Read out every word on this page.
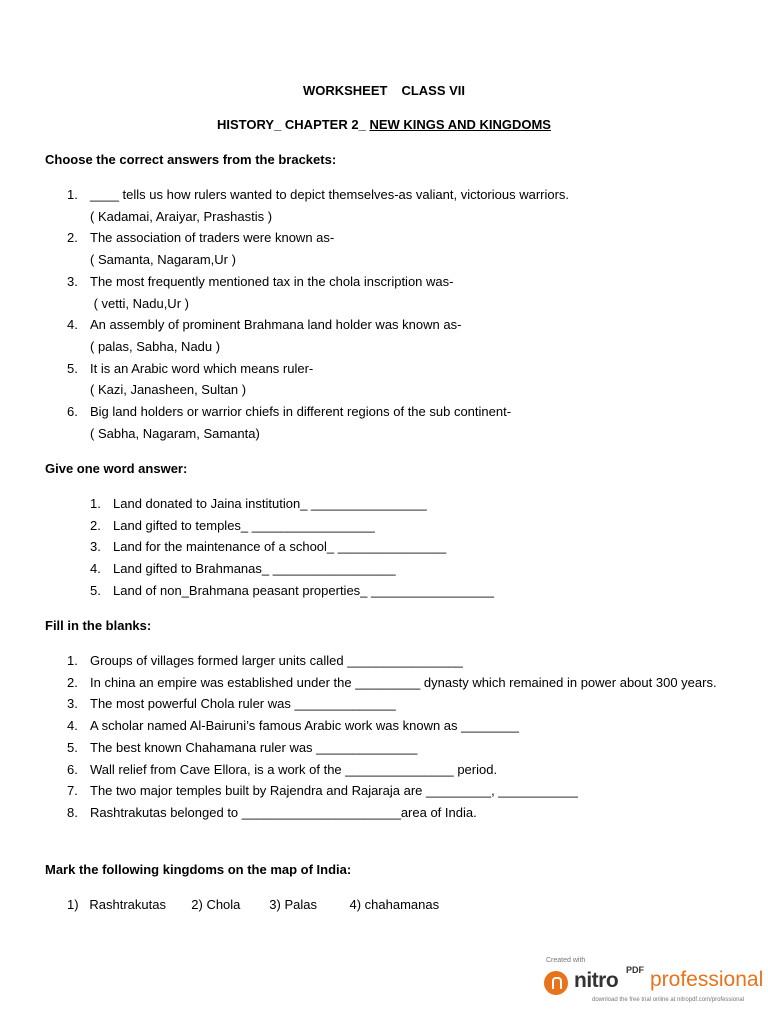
WORKSHEET CLASS VII
HISTORY_ CHAPTER 2_ NEW KINGS AND KINGDOMS
Choose the correct answers from the brackets:
1. ____ tells us how rulers wanted to depict themselves-as valiant, victorious warriors.
( Kadamai, Araiyar, Prashastis )
2. The association of traders were known as-
( Samanta, Nagaram,Ur )
3. The most frequently mentioned tax in the chola inscription was-
( vetti, Nadu,Ur )
4. An assembly of prominent Brahmana land holder was known as-
( palas, Sabha, Nadu )
5. It is an Arabic word which means ruler-
( Kazi, Janasheen, Sultan )
6. Big land holders or warrior chiefs in different regions of the sub continent-
( Sabha, Nagaram, Samanta)
Give one word answer:
1. Land donated to Jaina institution_ ________________
2. Land gifted to temples_ _________________
3. Land for the maintenance of a school_ _______________
4. Land gifted to Brahmanas_ _________________
5. Land of non_Brahmana peasant properties_ _________________
Fill in the blanks:
1. Groups of villages formed larger units called ________________
2. In china an empire was established under the _________ dynasty which remained in power about 300 years.
3. The most powerful Chola ruler was ______________
4. A scholar named Al-Bairuni’s famous Arabic work was known as ________
5. The best known Chahamana ruler was ______________
6. Wall relief from Cave Ellora, is a work of the _______________ period.
7. The two major temples built by Rajendra and Rajaraja are _________, ___________
8. Rashtrakutas belonged to ______________________area of India.
Mark the following kingdoms on the map of India:
1)   Rashtrakutas       2) Chola        3) Palas         4) chahamanas
Created with
nitro PDF professional
download the free trial online at nitropdf.com/professional
